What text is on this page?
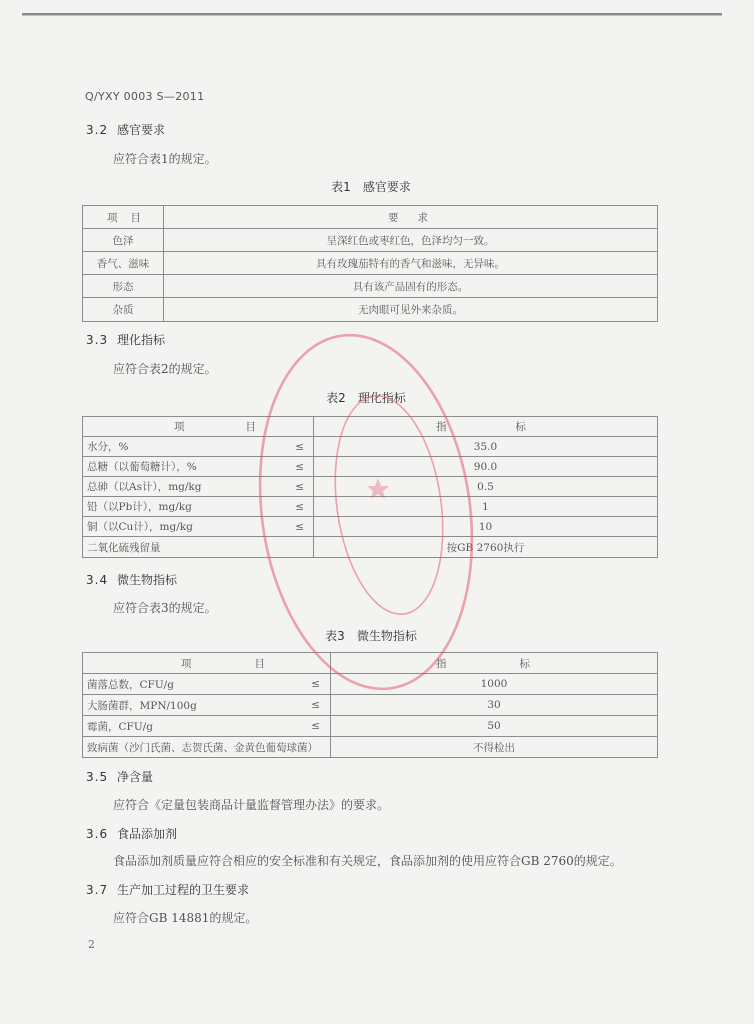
Q/YXY 0003 S—2011
3.2 感官要求
应符合表1的规定。
表1　感官要求
项 目	要 求

色泽	呈深红色或枣红色，色泽均匀一致。
香气、滋味	具有玫瑰茄特有的香气和滋味，无异味。
形态	具有该产品固有的形态。
杂质	无肉眼可见外来杂质。
3.3 理化指标
应符合表2的规定。
表2　理化指标
项 目	指 标

水分，% ≤	35.0

总糖（以葡萄糖计），% ≤	90.0

总砷（以As计），mg/kg ≤	0.5

铅（以Pb计），mg/kg ≤	1

铜（以Cu计），mg/kg ≤	10

二氧化硫残留量	按GB 2760执行
3.4 微生物指标
应符合表3的规定。
表3　微生物指标
项 目	指 标

菌落总数，CFU/g ≤	1000

大肠菌群，MPN/100g ≤	30

霉菌，CFU/g ≤	50

致病菌（沙门氏菌、志贺氏菌、金黄色葡萄球菌）	不得检出
3.5 净含量
应符合《定量包装商品计量监督管理办法》的要求。
3.6 食品添加剂
食品添加剂质量应符合相应的安全标准和有关规定，食品添加剂的使用应符合GB 2760的规定。
3.7 生产加工过程的卫生要求
应符合GB 14881的规定。
2
